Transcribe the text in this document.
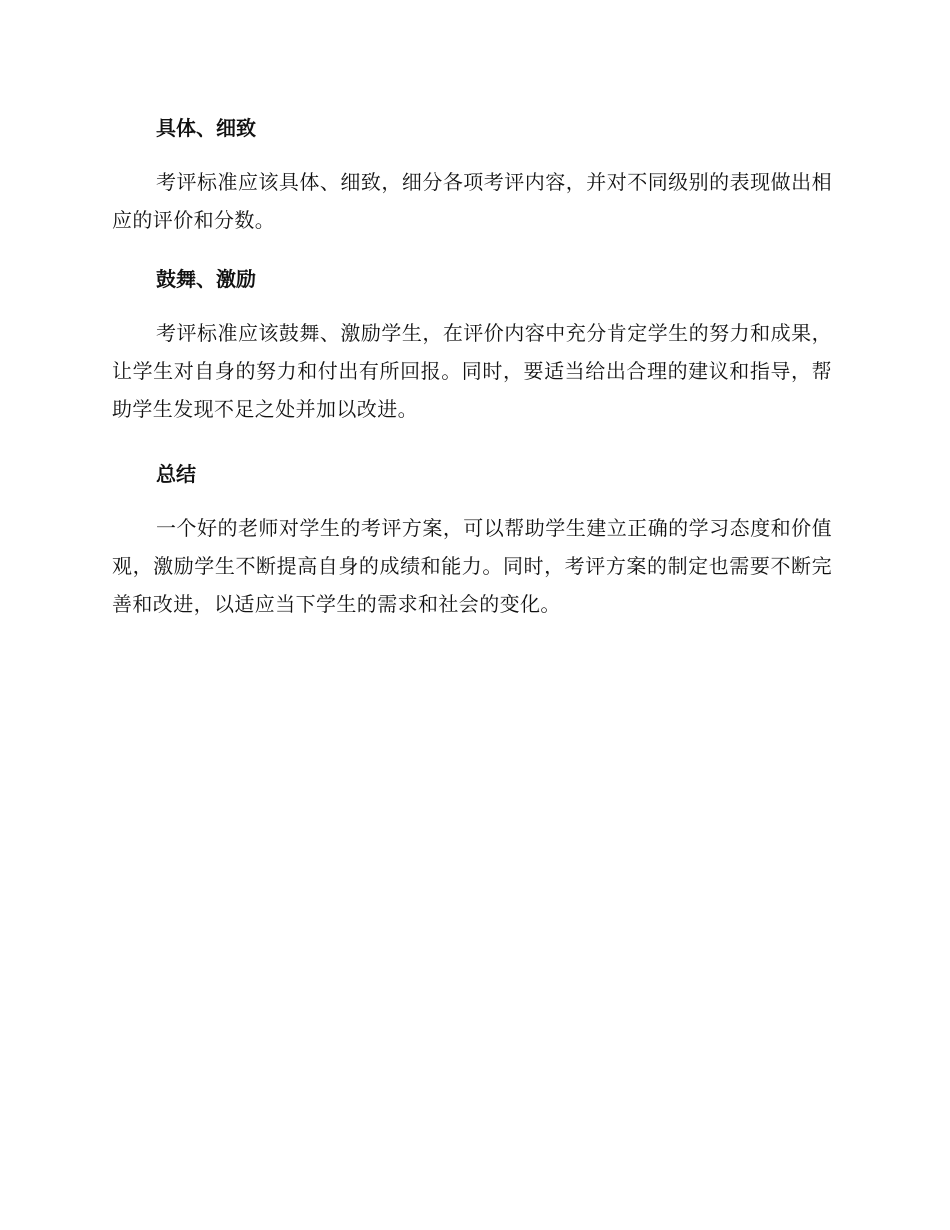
具体、细致

考评标准应该具体、细致，细分各项考评内容，并对不同级别的表现做出相应的评价和分数。

鼓舞、激励

考评标准应该鼓舞、激励学生，在评价内容中充分肯定学生的努力和成果，让学生对自身的努力和付出有所回报。同时，要适当给出合理的建议和指导，帮助学生发现不足之处并加以改进。

总结

一个好的老师对学生的考评方案，可以帮助学生建立正确的学习态度和价值观，激励学生不断提高自身的成绩和能力。同时，考评方案的制定也需要不断完善和改进，以适应当下学生的需求和社会的变化。
